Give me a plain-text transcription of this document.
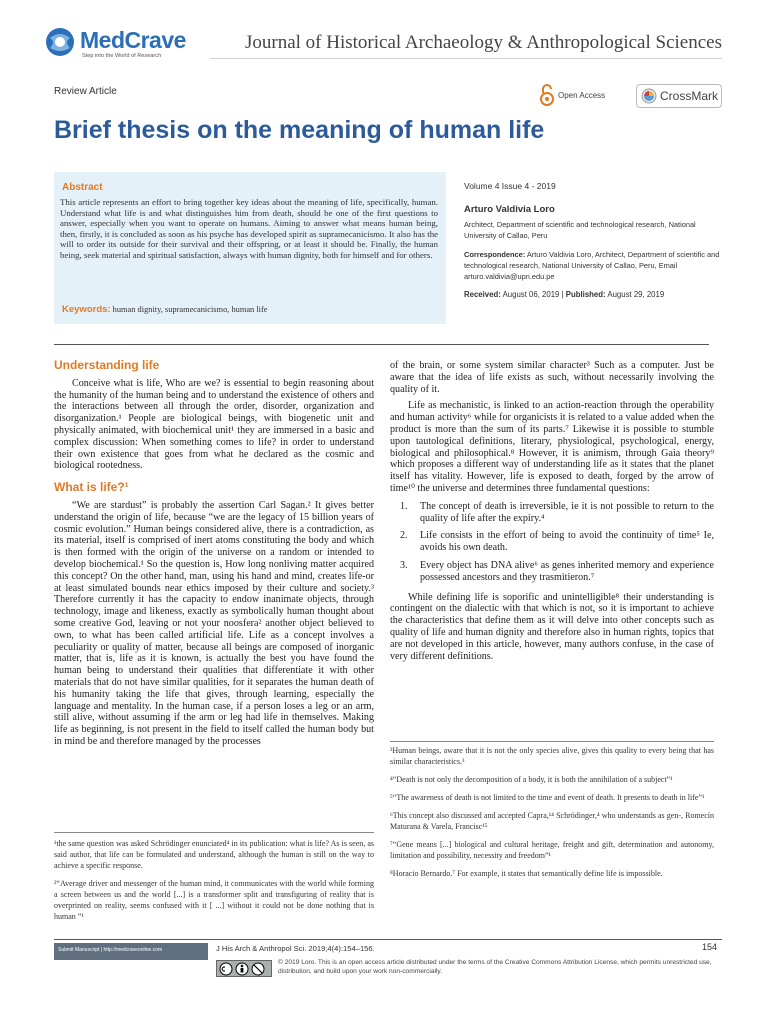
MedCrave
Step into the World of Research
Journal of Historical Archaeology & Anthropological Sciences
Review Article	Open Access	CrossMark
Brief thesis on the meaning of human life
Abstract

This article represents an effort to bring together key ideas about the meaning of life, specifically, human. Understand what life is and what distinguishes him from death, should be one of the first questions to answer, especially when you want to operate on humans. Aiming to answer what means human being, then, firstly, it is concluded as soon as his psyche has developed spirit as supramecanicismo. It also has the will to order its outside for their survival and their offspring, or at least it should be. Finally, the human being, seek material and spiritual satisfaction, always with human dignity, both for himself and for others.

Keywords: human dignity, supramecanicismo, human life
Volume 4 Issue 4 - 2019
Arturo Valdivia Loro
Architect, Department of scientific and technological research, National University of Callao, Peru
Correspondence: Arturo Valdivia Loro, Architect, Department of scientific and technological research, National University of Callao, Peru, Email arturo.valdivia@upn.edu.pe
Received: August 06, 2019 | Published: August 29, 2019
Understanding life

Conceive what is life, Who are we? is essential to begin reasoning about the humanity of the human being and to understand the existence of others and the interactions between all through the order, disorder, organization and disorganization.¹ People are biological beings, with biogenetic unit and physically animated, with biochemical unit¹ they are immersed in a basic and complex discussion: When something comes to life? in order to understand their own existence that goes from what he declared as the cosmic and biological rootedness.

What is life?¹

“We are stardust” is probably the assertion Carl Sagan.² It gives better understand the origin of life, because “we are the legacy of 15 billion years of cosmic evolution.” Human beings considered alive, there is a contradiction, as its material, itself is comprised of inert atoms constituting the body and which is then formed with the origin of the universe on a random or intended to develop biochemical.¹ So the question is, How long nonliving matter acquired this concept? On the other hand, man, using his hand and mind, creates life-or at least simulated bounds near ethics imposed by their culture and society.³ Therefore currently it has the capacity to endow inanimate objects, through technology, image and likeness, exactly as symbolically human thought about some creative God, leaving or not your noosfera² another object believed to own, to what has been called artificial life. Life as a concept involves a peculiarity or quality of matter, because all beings are composed of inorganic matter, that is, life as it is known, is actually the best you have found the human being to understand their qualities that differentiate it with other materials that do not have similar qualities, for it separates the human death of his humanity taking the life that gives, through learning, especially the language and mentality. In the human case, if a person loses a leg or an arm, still alive, without assuming if the arm or leg had life in themselves. Making life as beginning, is not present in the field to itself called the human body but in mind be and therefore managed by the processes

of the brain, or some system similar character³ Such as a computer. Just be aware that the idea of life exists as such, without necessarily involving the quality of it.

Life as mechanistic, is linked to an action-reaction through the operability and human activity⁶ while for organicists it is related to a value added when the product is more than the sum of its parts.⁷ Likewise it is possible to stumble upon tautological definitions, literary, physiological, psychological, energy, biological and philosophical.⁸ However, it is animism, through Gaia theory⁹ which proposes a different way of understanding life as it states that the planet itself has vitality. However, life is exposed to death, forged by the arrow of time¹⁰ the universe and determines three fundamental questions:

1.	The concept of death is irreversible, ie it is not possible to return to the quality of life after the expiry.⁴
2.	Life consists in the effort of being to avoid the continuity of time⁵ Ie, avoids his own death.
3.	Every object has DNA alive⁶ as genes inherited memory and experience possessed ancestors and they trasmitieron.⁷

While defining life is soporific and unintelligible⁸ their understanding is contingent on the dialectic with that which is not, so it is important to achieve the characteristics that define them as it will delve into other concepts such as quality of life and human dignity and therefore also in human rights, topics that are not developed in this article, however, many authors confuse, in the case of very different definitions.

¹the same question was asked Schrödinger enunciated⁴ in its publication: what is life? As is seen, as said author, that life can be formulated and understand, although the human is still on the way to achieve a specific response.

²“Average driver and messenger of the human mind, it communicates with the world while forming a screen between us and the world [...] is a transformer split and transfiguring of reality that is overprinted on reality, seems confused with it [ ...] without it could not be done nothing that is human ”¹

³Human beings, aware that it is not the only species alive, gives this quality to every being that has similar characteristics.³

⁴“Death is not only the decomposition of a body, it is both the annihilation of a subject”¹

⁵“The awareness of death is not limited to the time and event of death. It presents to death in life”¹

⁶This concept also discussed and accepted Capra,¹⁴ Schrödinger,⁴ who understands as gen-, Romecín Maturana & Varela, Francisc¹⁵

⁷“Gene means [...] biological and cultural heritage, freight and gift, determination and autonomy, limitation and possibility, necessity and freedom”¹

⁸Horacio Bernardo.⁷ For example, it states that semantically define life is impossible.

Submit Manuscript | http://medcraveonline.com	J His Arch & Anthropol Sci. 2019;4(4):154‒156.	154

© 2019 Loro. This is an open access article distributed under the terms of the Creative Commons Attribution License, which permits unrestricted use, distribution, and build upon your work non-commercially.
